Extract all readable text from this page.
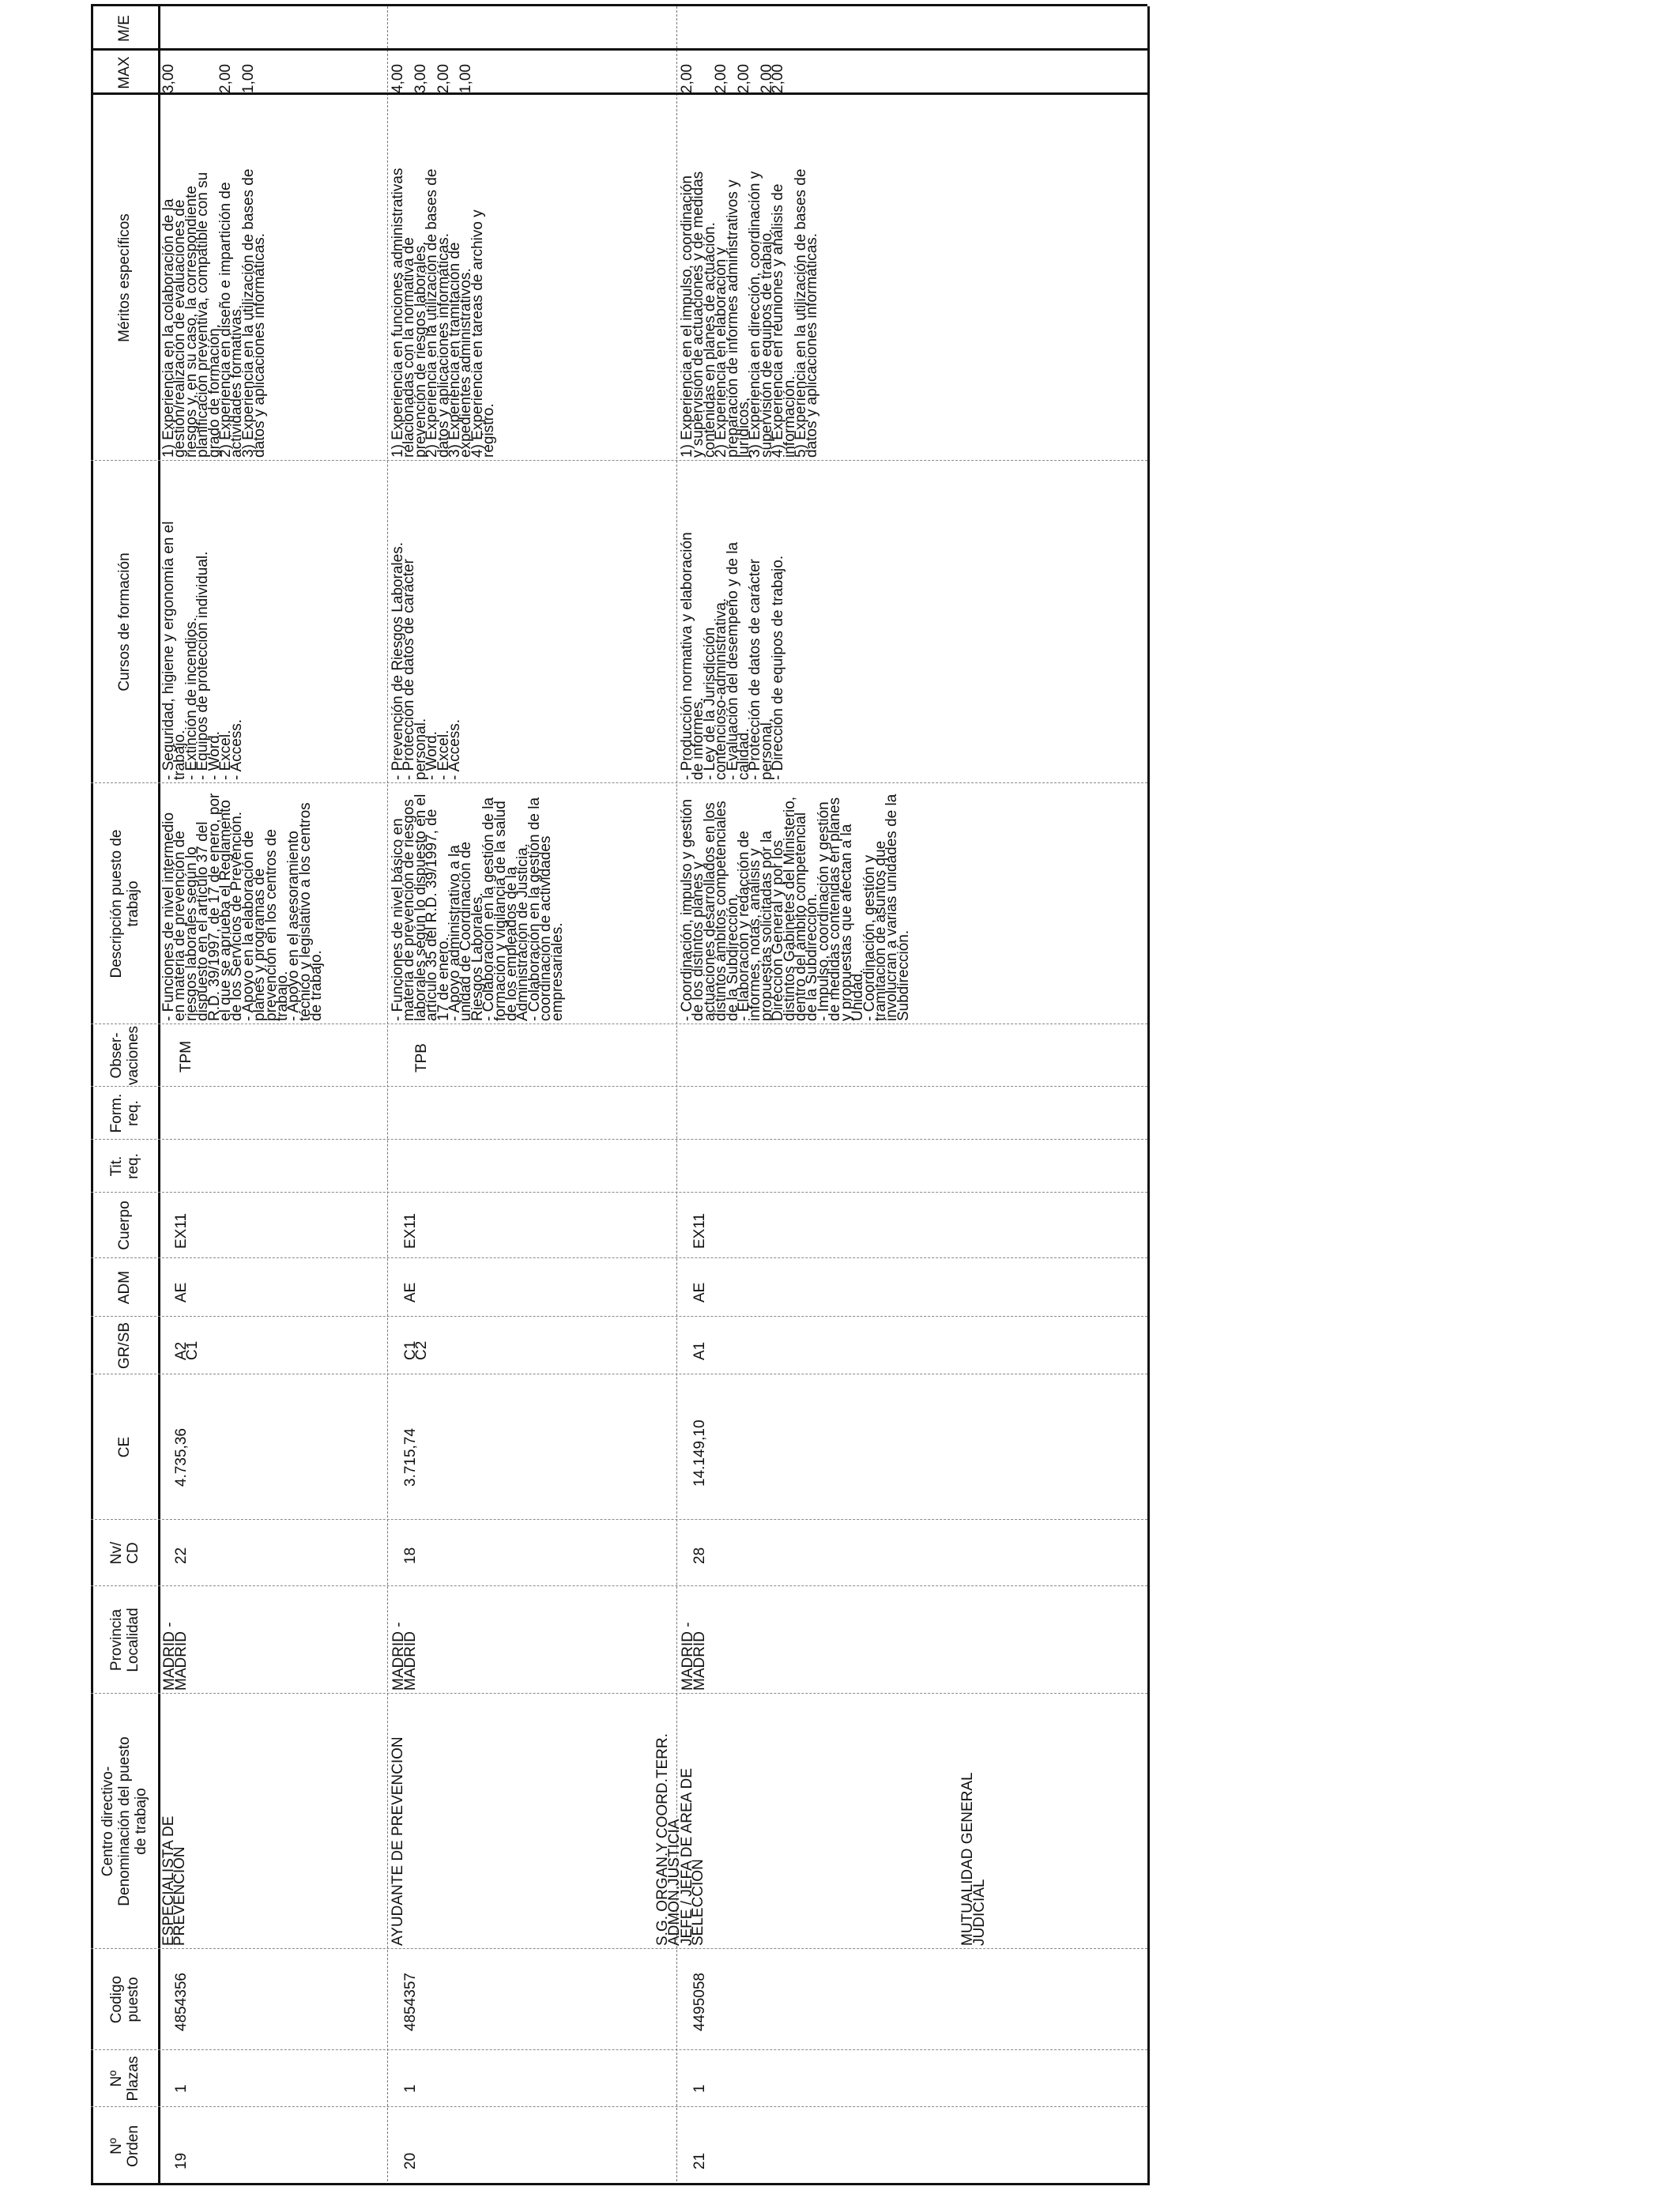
Nº
Orden
Nº
Plazas
Codigo
puesto
Centro directivo-
Denominación del puesto
de trabajo
Provincia
Localidad
Nv/
CD
CE
GR/SB
ADM
Cuerpo
Tit.
req.
Form.
req.
Obser-
vaciones
Descripción puesto de
trabajo
Cursos de formación
Méritos específicos
MAX
M/E
19
1
4854356
ESPECIALISTA DE
PREVENCION
MADRID -
MADRID
22
4.735,36
A2
C1
AE
EX11
TPM
- Funciones de nivel intermedio
en materia de prevención de
riesgos laborales según lo
dispuesto en el artículo 37 del
R.D. 39/1997, de 17 de enero, por
el que se aprueba el Reglamento
de los Servicios de Prevención.
- Apoyo en la elaboración de
planes y programas de
prevención en los centros de
trabajo.
- Apoyo en el asesoramiento
técnico y legislativo a los centros
de trabajo.
- Seguridad, higiene y ergonomía en el
trabajo.
- Extinción de incendios.
- Equipos de protección individual.
- Word.
- Excel.
- Access.
1) Experiencia en la colaboración de la
gestión/realización de evaluaciones de
riesgos y, en su caso, la correspondiente
planificación preventiva, compatible con su
grado de formación.
2) Experiencia en diseño e impartición de
actividades formativas.
3) Experiencia en la utilización de bases de
datos y aplicaciones informáticas.
3,00

2,00

1,00
20
1
4854357
AYUDANTE DE PREVENCION
MADRID -
MADRID
18
3.715,74
C1
C2
AE
EX11
TPB
- Funciones de nivel básico en
materia de prevención de riesgos
laborales según lo dispuesto en el
artículo 35 del R.D. 39/1997, de
17 de enero.
- Apoyo administrativo a la
unidad de Coordinación de
Riesgos Laborales.
- Colaboración en la gestión de la
formación y vigilancia de la salud
de los empleados de la
Administración de Justicia.
- Colaboración en la gestión de la
coordinación de actividades
empresariales.
- Prevención de Riesgos Laborales.
- Protección de datos de carácter
personal.
- Word.
- Excel.
- Access.
1) Experiencia en funciones administrativas
relacionadas con la normativa de
prevención de riesgos laborales.
2) Experiencia en la utilización de bases de
datos y aplicaciones informáticas.
3) Experiencia en tramitación de
expedientes administrativos.
4) Experiencia en tareas de archivo y
registro.
4,00

3,00

2,00

1,00
S.G. ORGAN.Y COORD.TERR.
ADMON.JUSTICIA
21
1
4495058
JEFE / JEFA DE AREA DE
SELECCION
MADRID -
MADRID
28
14.149,10
A1
AE
EX11
- Coordinación, impulso y gestión
de los distintos planes y
actuaciones desarrollados en los
distintos ámbitos competenciales
de la Subdirección.
- Elaboración y redacción de
informes, notas, análisis y
propuestas solicitadas por la
Dirección General y por los
distintos Gabinetes del Ministerio,
dentro del ámbito competencial
de la Subdirección.
- Impulso, coordinación y gestión
de medidas contenidas en planes
y propuestas que afectan a la
Unidad.
- Coordinación, gestión y
tramitación de asuntos que
involucran a varias unidades de la
Subdirección.
- Producción normativa y elaboración
de informes.
- Ley de la Jurisdicción
contencioso-administrativa.
- Evaluación del desempeño y de la
calidad.
- Protección de datos de carácter
personal.
- Dirección de equipos de trabajo.
1) Experiencia en el impulso, coordinación
y supervisión de actuaciones y de medidas
contenidas en planes de actuación.
2) Experiencia en elaboración y
preparación de informes administrativos y
jurídicos.
3) Experiencia en dirección, coordinación y
supervisión de equipos de trabajo.
4) Experiencia en reuniones y análisis de
información.
5) Experiencia en la utilización de bases de
datos y aplicaciones informáticas.
2,00

2,00

2,00

2,00
2,00
MUTUALIDAD GENERAL
JUDICIAL
